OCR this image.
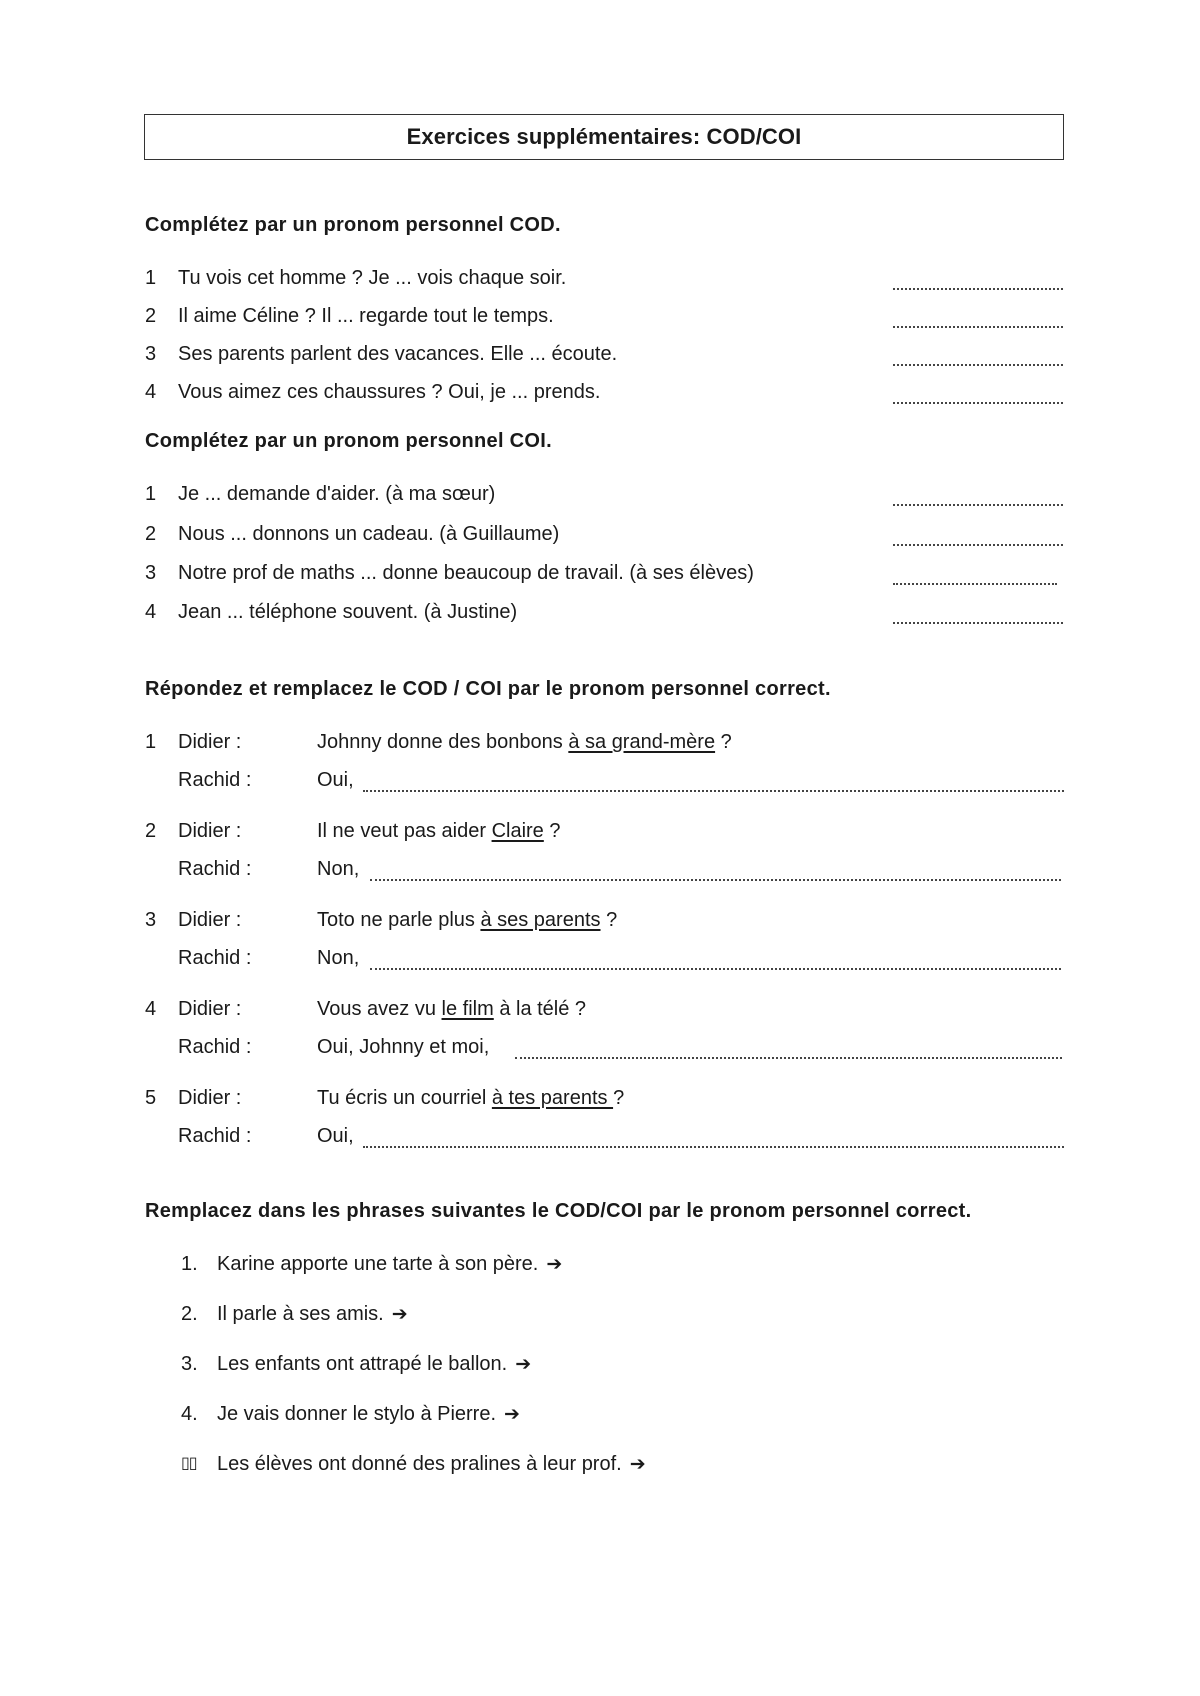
Exercices supplémentaires: COD/COI
Complétez par un pronom personnel COD.
1 Tu vois cet homme ? Je ... vois chaque soir.
2 Il aime Céline ? Il ... regarde tout le temps.
3 Ses parents parlent des vacances. Elle ... écoute.
4 Vous aimez ces chaussures ? Oui, je ... prends.
Complétez par un pronom personnel COI.
1 Je ... demande d'aider. (à ma sœur)
2 Nous ... donnons un cadeau. (à Guillaume)
3 Notre prof de maths ... donne beaucoup de travail. (à ses élèves)
4 Jean ... téléphone souvent. (à Justine)
Répondez et remplacez le COD / COI par le pronom personnel correct.
1 Didier :	Johnny donne des bonbons à sa grand-mère ?
Rachid :	Oui,
2 Didier :	Il ne veut pas aider Claire ?
Rachid :	Non,
3 Didier :	Toto ne parle plus à ses parents ?
Rachid :	Non,
4 Didier :	Vous avez vu le film à la télé ?
Rachid :	Oui, Johnny et moi,
5 Didier :	Tu écris un courriel à tes parents ?
Rachid :	Oui,
Remplacez dans les phrases suivantes le COD/COI par le pronom personnel correct.
1. Karine apporte une tarte à son père. ➔
2. Il parle à ses amis. ➔
3. Les enfants ont attrapé le ballon. ➔
4. Je vais donner le stylo à Pierre. ➔
▯▯ Les élèves ont donné des pralines à leur prof. ➔
